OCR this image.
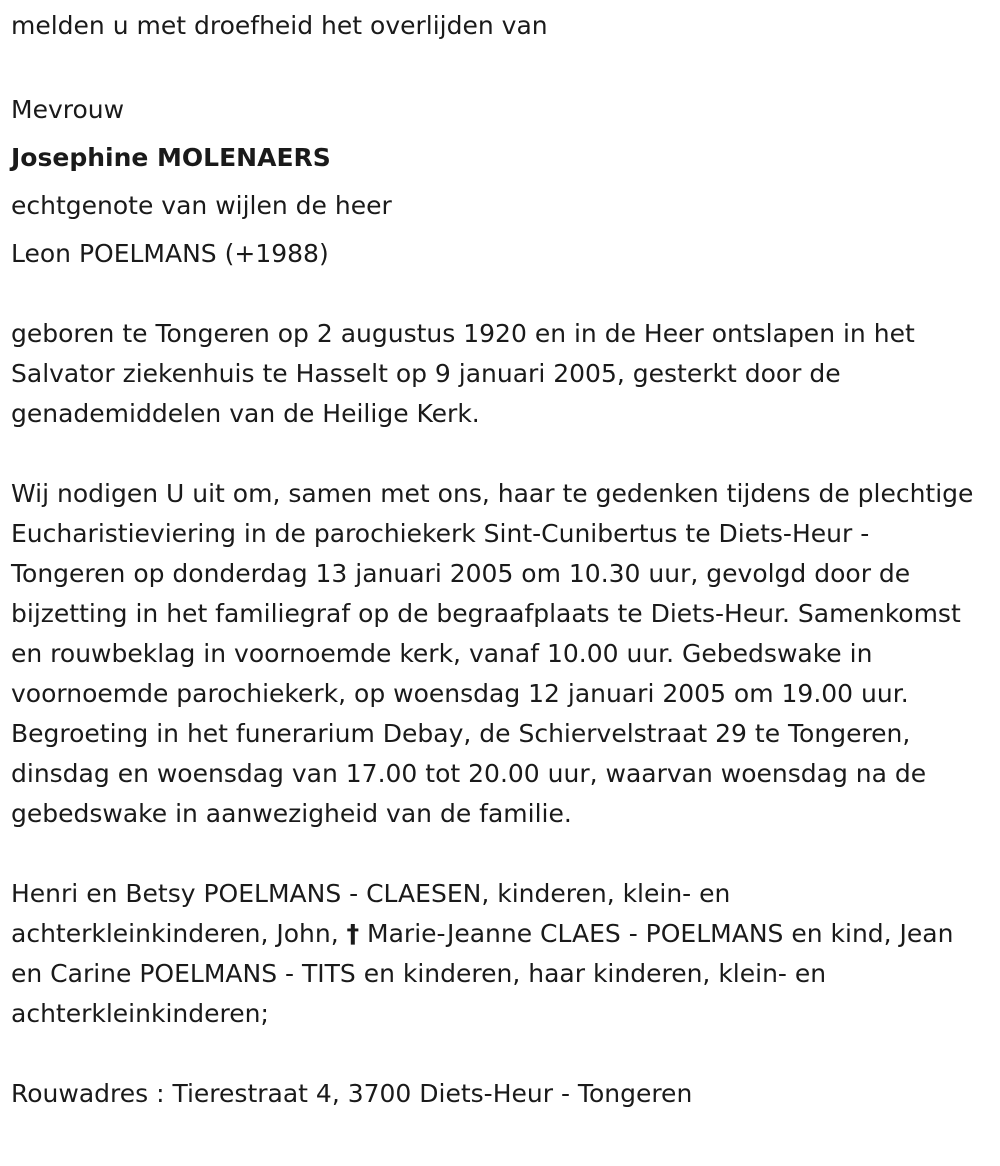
melden u met droefheid het overlijden van

Mevrouw

Josephine MOLENAERS

echtgenote van wijlen de heer

Leon POELMANS (+1988)

geboren te Tongeren op 2 augustus 1920 en in de Heer ontslapen in het Salvator ziekenhuis te Hasselt op 9 januari 2005, gesterkt door de genademiddelen van de Heilige Kerk.

Wij nodigen U uit om, samen met ons, haar te gedenken tijdens de plechtige Eucharistieviering in de parochiekerk Sint-Cunibertus te Diets-Heur - Tongeren op donderdag 13 januari 2005 om 10.30 uur, gevolgd door de bijzetting in het familiegraf op de begraafplaats te Diets-Heur. Samenkomst en rouwbeklag in voornoemde kerk, vanaf 10.00 uur. Gebedswake in voornoemde parochiekerk, op woensdag 12 januari 2005 om 19.00 uur. Begroeting in het funerarium Debay, de Schiervelstraat 29 te Tongeren, dinsdag en woensdag van 17.00 tot 20.00 uur, waarvan woensdag na de gebedswake in aanwezigheid van de familie.

Henri en Betsy POELMANS - CLAESEN, kinderen, klein- en achterkleinkinderen, John, † Marie-Jeanne CLAES - POELMANS en kind, Jean en Carine POELMANS - TITS en kinderen, haar kinderen, klein- en achterkleinkinderen;

Rouwadres : Tierestraat 4, 3700 Diets-Heur - Tongeren
